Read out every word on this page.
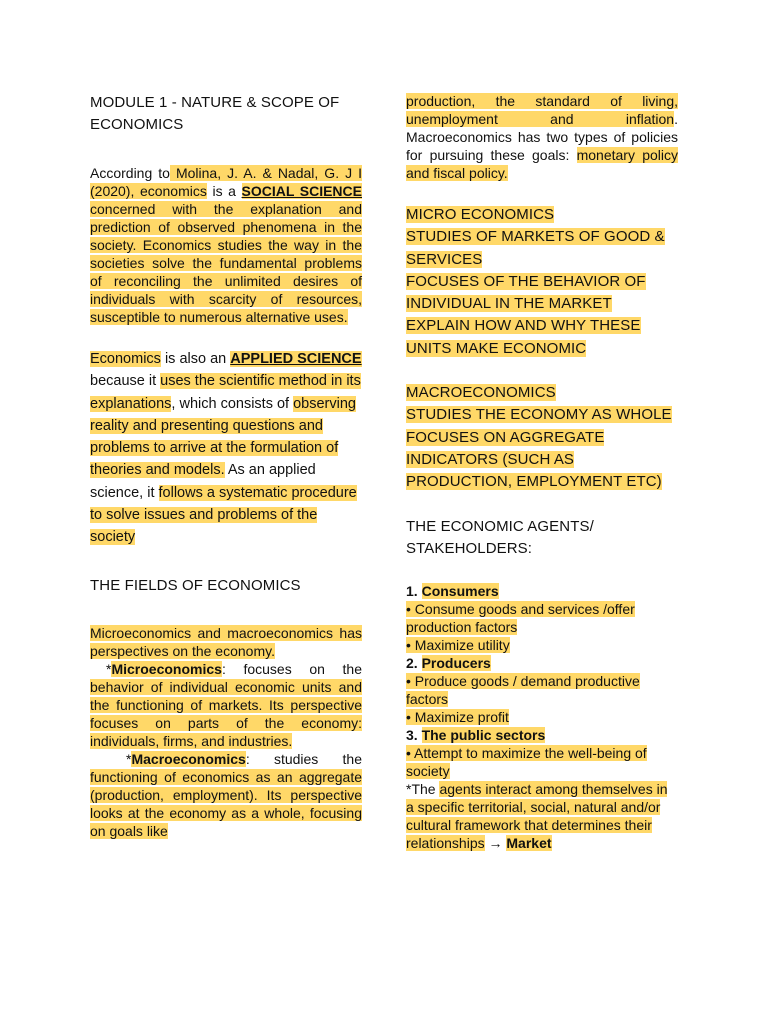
MODULE 1 - NATURE & SCOPE OF ECONOMICS

According to Molina, J. A. & Nadal, G. J I (2020), economics is a SOCIAL SCIENCE concerned with the explanation and prediction of observed phenomena in the society. Economics studies the way in the societies solve the fundamental problems of reconciling the unlimited desires of individuals with scarcity of resources, susceptible to numerous alternative uses.

Economics is also an APPLIED SCIENCE because it uses the scientific method in its explanations, which consists of observing reality and presenting questions and problems to arrive at the formulation of theories and models. As an applied science, it follows a systematic procedure to solve issues and problems of the society

THE FIELDS OF ECONOMICS

Microeconomics and macroeconomics has perspectives on the economy.
*Microeconomics: focuses on the behavior of individual economic units and the functioning of markets. Its perspective focuses on parts of the economy: individuals, firms, and industries.
*Macroeconomics: studies the functioning of economics as an aggregate (production, employment). Its perspective looks at the economy as a whole, focusing on goals like

production, the standard of living, unemployment and inflation. Macroeconomics has two types of policies for pursuing these goals: monetary policy and fiscal policy.

MICRO ECONOMICS
STUDIES OF MARKETS OF GOOD & SERVICES
FOCUSES OF THE BEHAVIOR OF INDIVIDUAL IN THE MARKET
EXPLAIN HOW AND WHY THESE UNITS MAKE ECONOMIC
MACROECONOMICS
STUDIES THE ECONOMY AS WHOLE
FOCUSES ON AGGREGATE INDICATORS (SUCH AS PRODUCTION, EMPLOYMENT ETC)

THE ECONOMIC AGENTS/ STAKEHOLDERS:

1. Consumers

• Consume goods and services /offer production factors

• Maximize utility

2. Producers

• Produce goods / demand productive factors

• Maximize profit

3. The public sectors

• Attempt to maximize the well-being of society

*The agents interact among themselves in a specific territorial, social, natural and/or cultural framework that determines their relationships → Market
